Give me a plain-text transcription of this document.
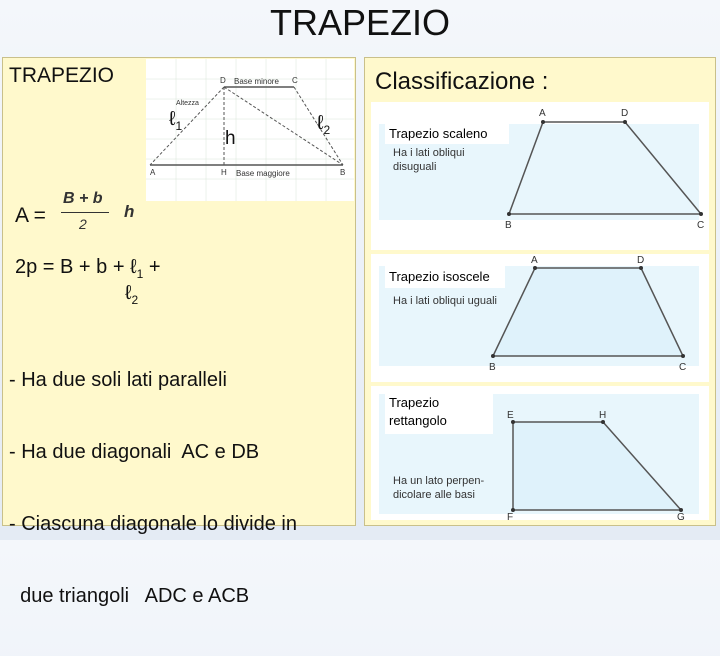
TRAPEZIO
TRAPEZIO	Base minore
Base maggiore
Altezza
D	C
A	H	B
ℓ$_1$	ℓ$_2$
h
A =
B + b
2
h
2p = B + b + ℓ$_1$ +
ℓ$_2$

- Ha due soli lati paralleli

- Ha due diagonali  AC e DB

- Ciascuna diagonale lo divide in

due triangoli   ADC e ACB

Classificazione :
A	D
B	C
Ha i lati obliqui
disuguali
Trapezio scaleno
A	D
B	C
Ha i lati obliqui uguali
Trapezio isoscele
E	H
F	G
Ha un lato perpen-
dicolare alle basi
Trapezio
rettangolo
